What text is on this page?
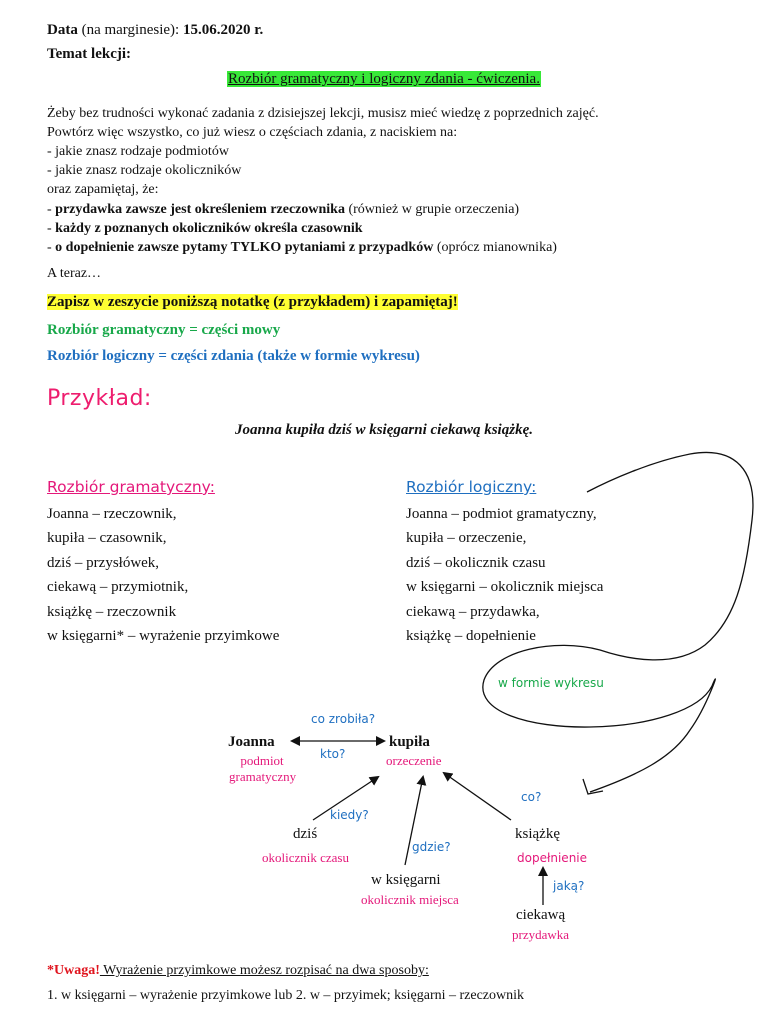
Data (na marginesie): 15.06.2020 r.
Temat lekcji:
Rozbiór gramatyczny i logiczny zdania - ćwiczenia.
Żeby bez trudności wykonać zadania z dzisiejszej lekcji, musisz mieć wiedzę z poprzednich zajęć.
Powtórz więc wszystko, co już wiesz o częściach zdania, z naciskiem na:
- jakie znasz rodzaje podmiotów
- jakie znasz rodzaje okoliczników
oraz zapamiętaj, że:
- przydawka zawsze jest określeniem rzeczownika (również w grupie orzeczenia)
- każdy z poznanych okoliczników określa czasownik
- o dopełnienie zawsze pytamy TYLKO pytaniami z przypadków (oprócz mianownika)
A teraz…
Zapisz w zeszycie poniższą notatkę (z przykładem) i zapamiętaj!
Rozbiór gramatyczny = części mowy
Rozbiór logiczny = części zdania (także w formie wykresu)
Przykład:
Joanna kupiła dziś w księgarni ciekawą książkę.
Rozbiór gramatyczny:
Joanna – rzeczownik,
kupiła – czasownik,
dziś – przysłówek,
ciekawą – przymiotnik,
książkę – rzeczownik
w księgarni* – wyrażenie przyimkowe
Rozbiór logiczny:
Joanna – podmiot gramatyczny,
kupiła – orzeczenie,
dziś – okolicznik czasu
w księgarni – okolicznik miejsca
ciekawą – przydawka,
książkę – dopełnienie
w formie wykresu
co zrobiła?
kto?
Joanna
podmiot
gramatyczny
kupiła
orzeczenie
kiedy?
gdzie?
co?
jaką?
dziś
okolicznik czasu
w księgarni
okolicznik miejsca
książkę
dopełnienie
ciekawą
przydawka
*Uwaga! Wyrażenie przyimkowe możesz rozpisać na dwa sposoby:
1. w księgarni – wyrażenie przyimkowe lub 2. w – przyimek; księgarni – rzeczownik
